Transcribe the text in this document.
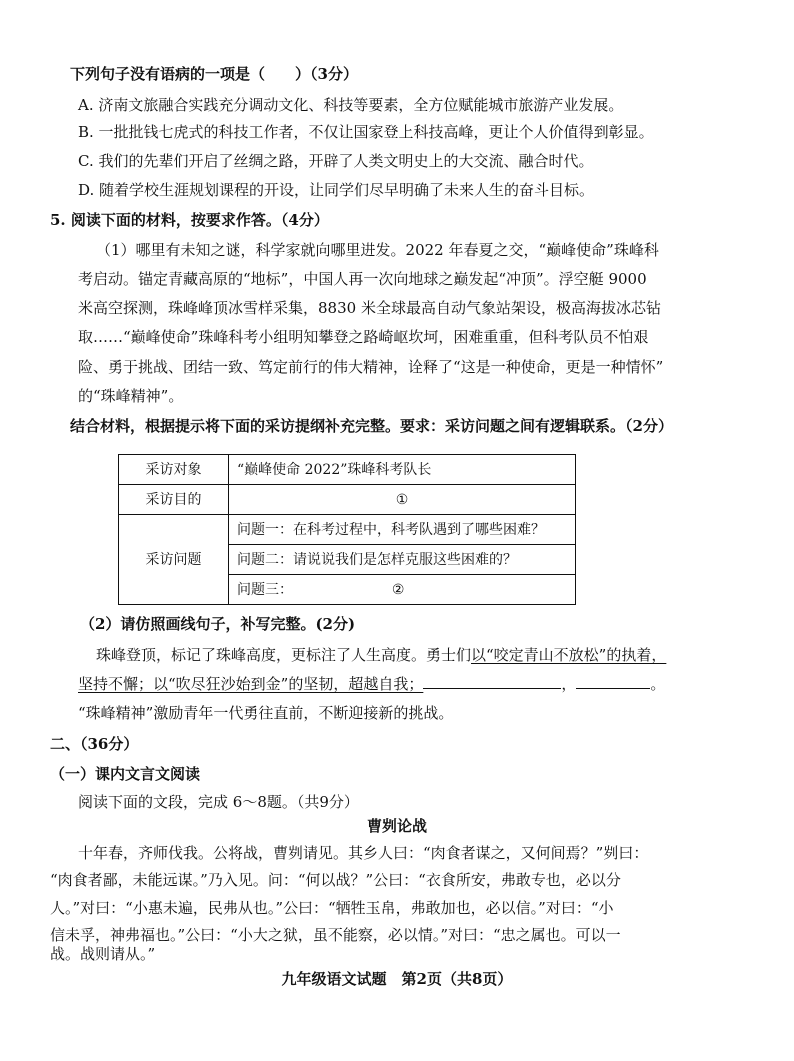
下列句子没有语病的一项是（　　）（3分）
A. 济南文旅融合实践充分调动文化、科技等要素，全方位赋能城市旅游产业发展。
B. 一批批钱七虎式的科技工作者，不仅让国家登上科技高峰，更让个人价值得到彰显。
C. 我们的先辈们开启了丝绸之路，开辟了人类文明史上的大交流、融合时代。
D. 随着学校生涯规划课程的开设，让同学们尽早明确了未来人生的奋斗目标。
5. 阅读下面的材料，按要求作答。（4分）
（1）哪里有未知之谜，科学家就向哪里进发。2022 年春夏之交，“巅峰使命”珠峰科
考启动。锚定青藏高原的“地标”，中国人再一次向地球之巅发起“冲顶”。浮空艇 9000
米高空探测，珠峰峰顶冰雪样采集，8830 米全球最高自动气象站架设，极高海拔冰芯钻
取……“巅峰使命”珠峰科考小组明知攀登之路崎岖坎坷，困难重重，但科考队员不怕艰
险、勇于挑战、团结一致、笃定前行的伟大精神，诠释了“这是一种使命，更是一种情怀”
的“珠峰精神”。
结合材料，根据提示将下面的采访提纲补充完整。要求：采访问题之间有逻辑联系。（2分）
采访对象	“巅峰使命 2022”珠峰科考队长
采访目的	①
采访问题	问题一：在科考过程中，科考队遇到了哪些困难？
	问题二：请说说我们是怎样克服这些困难的？
	问题三： ②
（2）请仿照画线句子，补写完整。(2分)
珠峰登顶，标记了珠峰高度，更标注了人生高度。勇士们以“咬定青山不放松”的执着，
坚持不懈；以“吹尽狂沙始到金”的坚韧，超越自我；	，	。
“珠峰精神”激励青年一代勇往直前，不断迎接新的挑战。
二、（36分）
（一）课内文言文阅读
阅读下面的文段，完成 6～8题。（共9分）
曹刿论战
十年春，齐师伐我。公将战，曹刿请见。其乡人曰：“肉食者谋之，又何间焉？”刿曰：
“肉食者鄙，未能远谋。”乃入见。问：“何以战？”公曰：“衣食所安，弗敢专也，必以分
人。”对曰：“小惠未遍，民弗从也。”公曰：“牺牲玉帛，弗敢加也，必以信。”对曰：“小
信未孚，神弗福也。”公曰：“小大之狱，虽不能察，必以情。”对曰：“忠之属也。可以一
战。战则请从。”
九年级语文试题　第2页（共8页）
